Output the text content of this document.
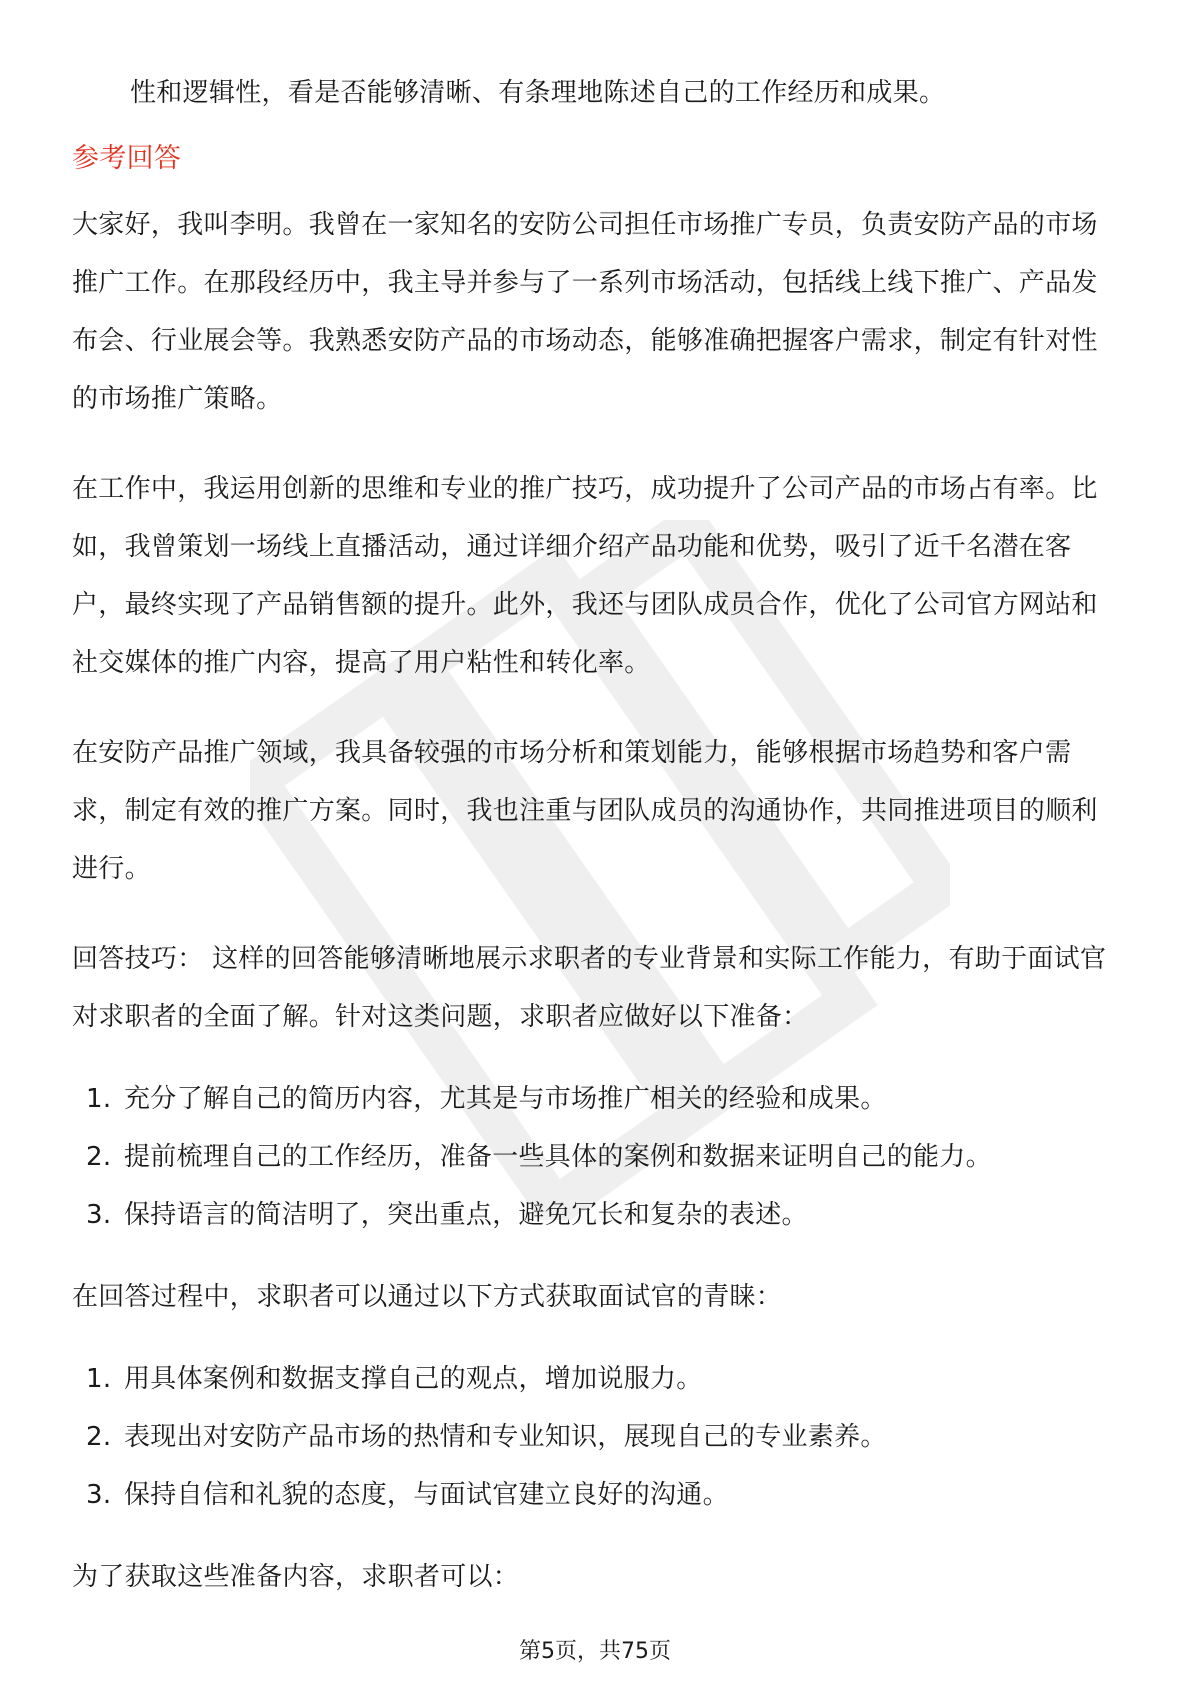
性和逻辑性，看是否能够清晰、有条理地陈述自己的工作经历和成果。

参考回答

大家好，我叫李明。我曾在一家知名的安防公司担任市场推广专员，负责安防产品的市场推广工作。在那段经历中，我主导并参与了一系列市场活动，包括线上线下推广、产品发布会、行业展会等。我熟悉安防产品的市场动态，能够准确把握客户需求，制定有针对性的市场推广策略。

在工作中，我运用创新的思维和专业的推广技巧，成功提升了公司产品的市场占有率。比如，我曾策划一场线上直播活动，通过详细介绍产品功能和优势，吸引了近千名潜在客户，最终实现了产品销售额的提升。此外，我还与团队成员合作，优化了公司官方网站和社交媒体的推广内容，提高了用户粘性和转化率。

在安防产品推广领域，我具备较强的市场分析和策划能力，能够根据市场趋势和客户需求，制定有效的推广方案。同时，我也注重与团队成员的沟通协作，共同推进项目的顺利进行。

回答技巧： 这样的回答能够清晰地展示求职者的专业背景和实际工作能力，有助于面试官对求职者的全面了解。针对这类问题，求职者应做好以下准备：

1. 充分了解自己的简历内容，尤其是与市场推广相关的经验和成果。
2. 提前梳理自己的工作经历，准备一些具体的案例和数据来证明自己的能力。
3. 保持语言的简洁明了，突出重点，避免冗长和复杂的表述。

在回答过程中，求职者可以通过以下方式获取面试官的青睐：

1. 用具体案例和数据支撑自己的观点，增加说服力。
2. 表现出对安防产品市场的热情和专业知识，展现自己的专业素养。
3. 保持自信和礼貌的态度，与面试官建立良好的沟通。

为了获取这些准备内容，求职者可以：

第5页，共75页
